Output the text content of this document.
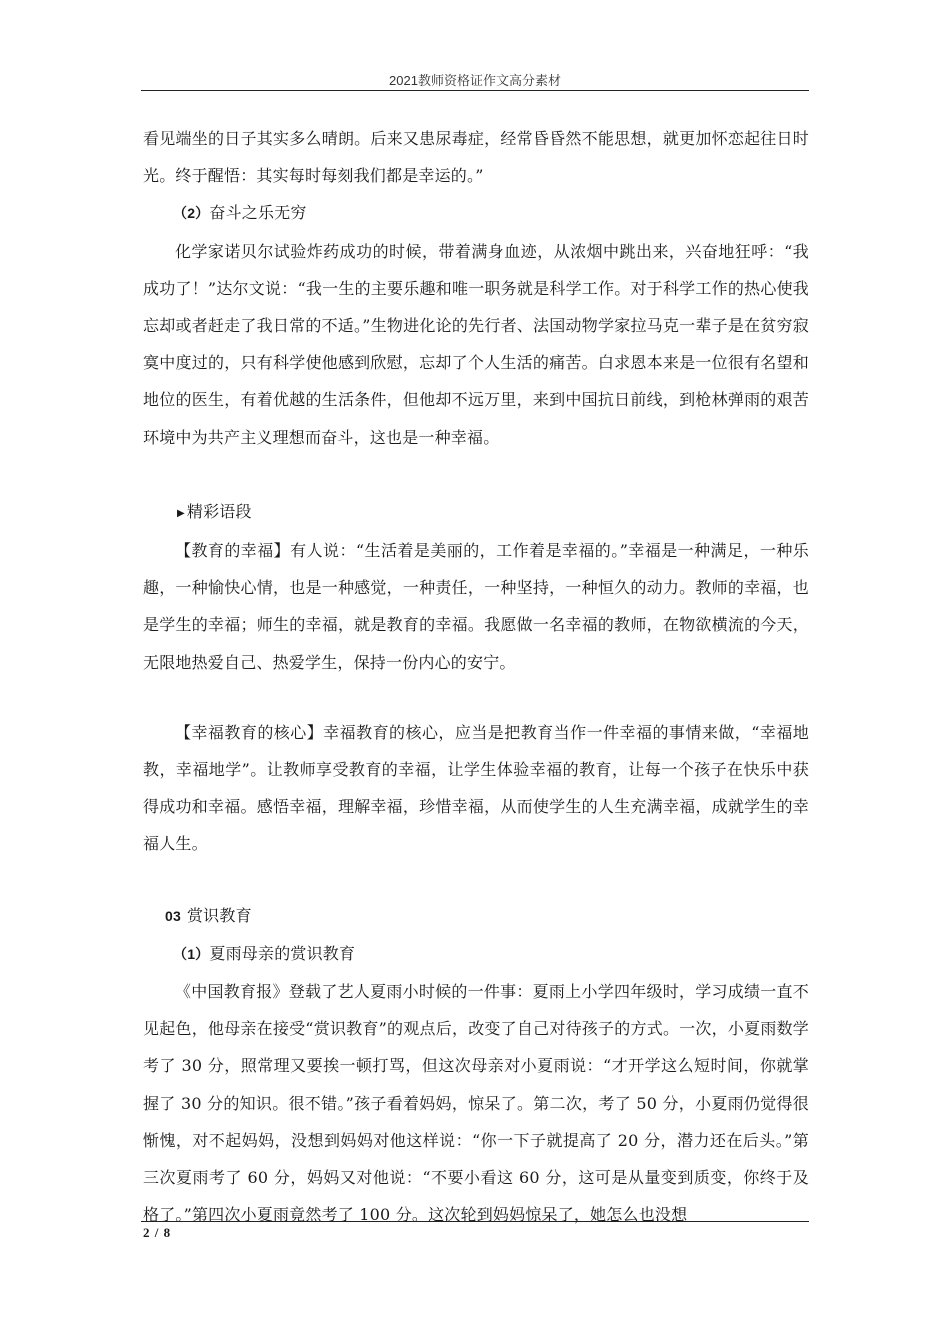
2021教师资格证作文高分素材

看见端坐的日子其实多么晴朗。后来又患尿毒症，经常昏昏然不能思想，就更加怀恋起往日时光。终于醒悟：其实每时每刻我们都是幸运的。”

（2）奋斗之乐无穷

化学家诺贝尔试验炸药成功的时候，带着满身血迹，从浓烟中跳出来，兴奋地狂呼：“我成功了！”达尔文说：“我一生的主要乐趣和唯一职务就是科学工作。对于科学工作的热心使我忘却或者赶走了我日常的不适。”生物进化论的先行者、法国动物学家拉马克一辈子是在贫穷寂寞中度过的，只有科学使他感到欣慰，忘却了个人生活的痛苦。白求恩本来是一位很有名望和地位的医生，有着优越的生活条件，但他却不远万里，来到中国抗日前线，到枪林弹雨的艰苦环境中为共产主义理想而奋斗，这也是一种幸福。

▶ 精彩语段

【教育的幸福】有人说：“生活着是美丽的，工作着是幸福的。”幸福是一种满足，一种乐趣，一种愉快心情，也是一种感觉，一种责任，一种坚持，一种恒久的动力。教师的幸福，也是学生的幸福；师生的幸福，就是教育的幸福。我愿做一名幸福的教师，在物欲横流的今天，无限地热爱自己、热爱学生，保持一份内心的安宁。

【幸福教育的核心】幸福教育的核心，应当是把教育当作一件幸福的事情来做，“幸福地教，幸福地学”。让教师享受教育的幸福，让学生体验幸福的教育，让每一个孩子在快乐中获得成功和幸福。感悟幸福，理解幸福，珍惜幸福，从而使学生的人生充满幸福，成就学生的幸福人生。

03 赏识教育

（1）夏雨母亲的赏识教育

《中国教育报》登载了艺人夏雨小时候的一件事：夏雨上小学四年级时，学习成绩一直不见起色，他母亲在接受“赏识教育”的观点后，改变了自己对待孩子的方式。一次，小夏雨数学考了 30 分，照常理又要挨一顿打骂，但这次母亲对小夏雨说：“才开学这么短时间，你就掌握了 30 分的知识。很不错。”孩子看着妈妈，惊呆了。第二次，考了 50 分，小夏雨仍觉得很惭愧，对不起妈妈，没想到妈妈对他这样说：“你一下子就提高了 20 分，潜力还在后头。”第三次夏雨考了 60 分，妈妈又对他说：“不要小看这 60 分，这可是从量变到质变，你终于及格了。”第四次小夏雨竟然考了 100 分。这次轮到妈妈惊呆了，她怎么也没想

2 / 8
